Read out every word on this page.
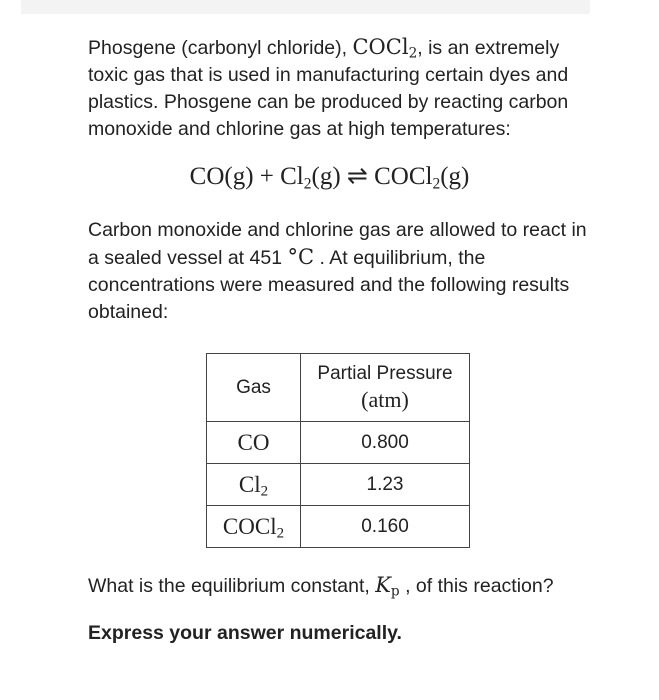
Phosgene (carbonyl chloride), COCl$_2$, is an extremely toxic gas that is used in manufacturing certain dyes and plastics. Phosgene can be produced by reacting carbon monoxide and chlorine gas at high temperatures:

$CO(g) + Cl_2(g)$ ⇌ COCl$_2$(g)

Carbon monoxide and chlorine gas are allowed to react in a sealed vessel at 451 °C . At equilibrium, the concentrations were measured and the following results obtained:

Gas	Partial Pressure
(atm)
CO	0.800
$Cl_2$	1.23
COCl$_2$	0.160

What is the equilibrium constant, $K_p$ , of this reaction?

Express your answer numerically.
